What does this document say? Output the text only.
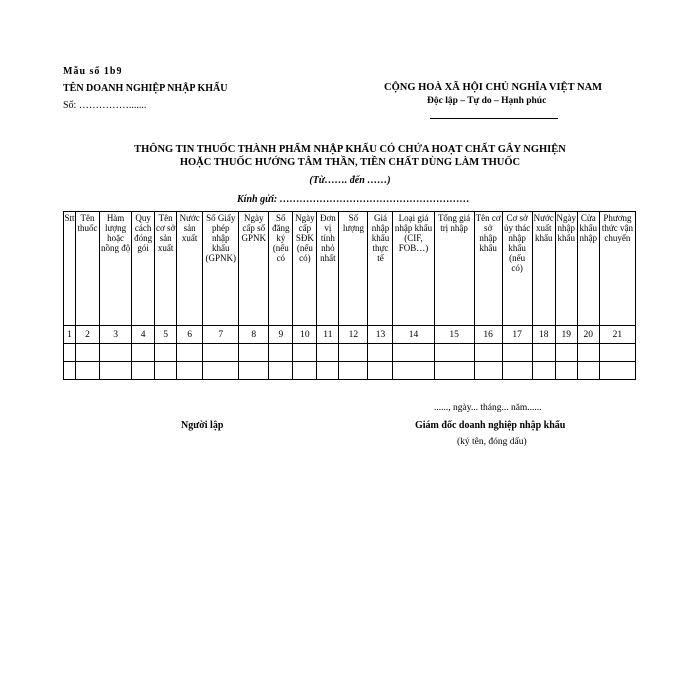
Mẫu số 1b9
TÊN DOANH NGHIỆP NHẬP KHẨU
Số: …………….......
CỘNG HOÀ XÃ HỘI CHỦ NGHĨA VIỆT NAM
Độc lập – Tự do – Hạnh phúc
THÔNG TIN THUỐC THÀNH PHẨM NHẬP KHẨU CÓ CHỨA HOẠT CHẤT GÂY NGHIỆN
HOẶC THUỐC HƯỚNG TÂM THẦN, TIỀN CHẤT DÙNG LÀM THUỐC
(Từ……. đến ……)
Kính gửi: …………………………………………………
Stt	Tên thuốc	Hàm lượng hoặc nồng độ	Quy cách đóng gói	Tên cơ sở sản xuất	Nước sản xuất	Số Giấy phép nhập khẩu (GPNK)	Ngày cấp số GPNK	Số đăng ký (nếu có	Ngày cấp SĐK (nếu có)	Đơn vị tính nhỏ nhất	Số lượng	Giá nhập khẩu thực tế	Loại giá nhập khẩu (CIF, FOB…)	Tổng giá trị nhập	Tên cơ sở nhập khẩu	Cơ sở ủy thác nhập khẩu (nếu có)	Nước xuất khẩu	Ngày nhập khẩu	Cửa khẩu nhập	Phương thức vận chuyển
1	2	3	4	5	6	7	8	9	10	11	12	13	14	15	16	17	18	19	20	21

......, ngày... tháng... năm......
Người lập	Giám đốc doanh nghiệp nhập khẩu
(ký tên, đóng dấu)
